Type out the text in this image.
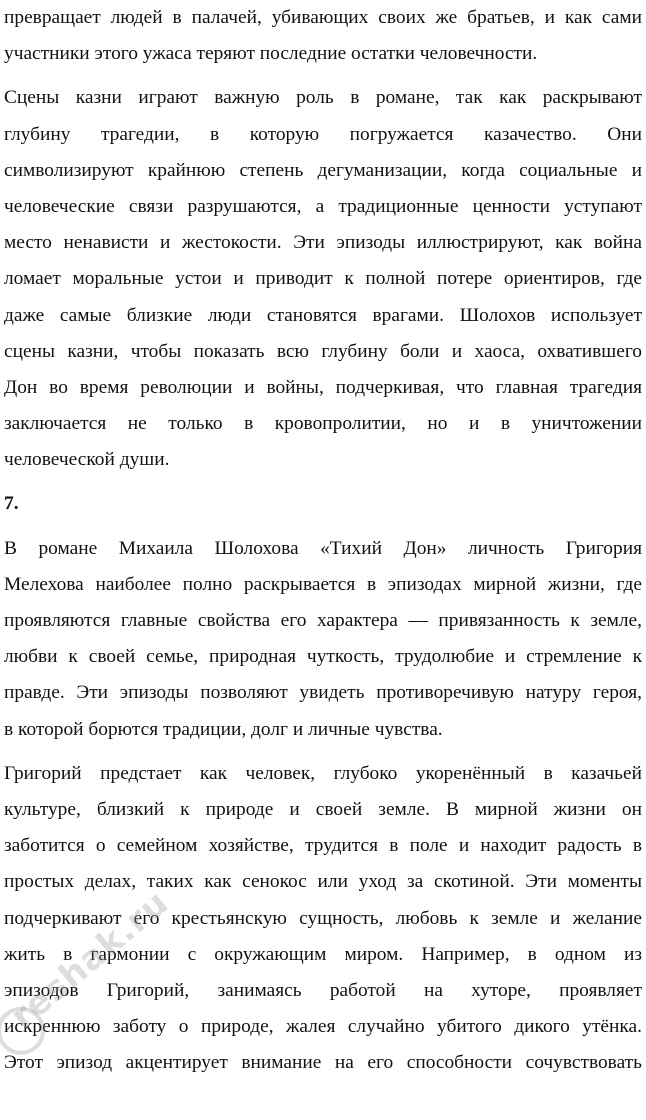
превращает людей в палачей, убивающих своих же братьев, и как сами
участники этого ужаса теряют последние остатки человечности.
Сцены казни играют важную роль в романе, так как раскрывают
глубину трагедии, в которую погружается казачество. Они
символизируют крайнюю степень дегуманизации, когда социальные и
человеческие связи разрушаются, а традиционные ценности уступают
место ненависти и жестокости. Эти эпизоды иллюстрируют, как война
ломает моральные устои и приводит к полной потере ориентиров, где
даже самые близкие люди становятся врагами. Шолохов использует
сцены казни, чтобы показать всю глубину боли и хаоса, охватившего
Дон во время революции и войны, подчеркивая, что главная трагедия
заключается не только в кровопролитии, но и в уничтожении
человеческой души.
7.
В романе Михаила Шолохова «Тихий Дон» личность Григория
Мелехова наиболее полно раскрывается в эпизодах мирной жизни, где
проявляются главные свойства его характера — привязанность к земле,
любви к своей семье, природная чуткость, трудолюбие и стремление к
правде. Эти эпизоды позволяют увидеть противоречивую натуру героя,
в которой борются традиции, долг и личные чувства.
Григорий предстает как человек, глубоко укоренённый в казачьей
культуре, близкий к природе и своей земле. В мирной жизни он
заботится о семейном хозяйстве, трудится в поле и находит радость в
простых делах, таких как сенокос или уход за скотиной. Эти моменты
подчеркивают его крестьянскую сущность, любовь к земле и желание
жить в гармонии с окружающим миром. Например, в одном из
эпизодов Григорий, занимаясь работой на хуторе, проявляет
искреннюю заботу о природе, жалея случайно убитого дикого утёнка.
Этот эпизод акцентирует внимание на его способности сочувствовать
reshak.ru
